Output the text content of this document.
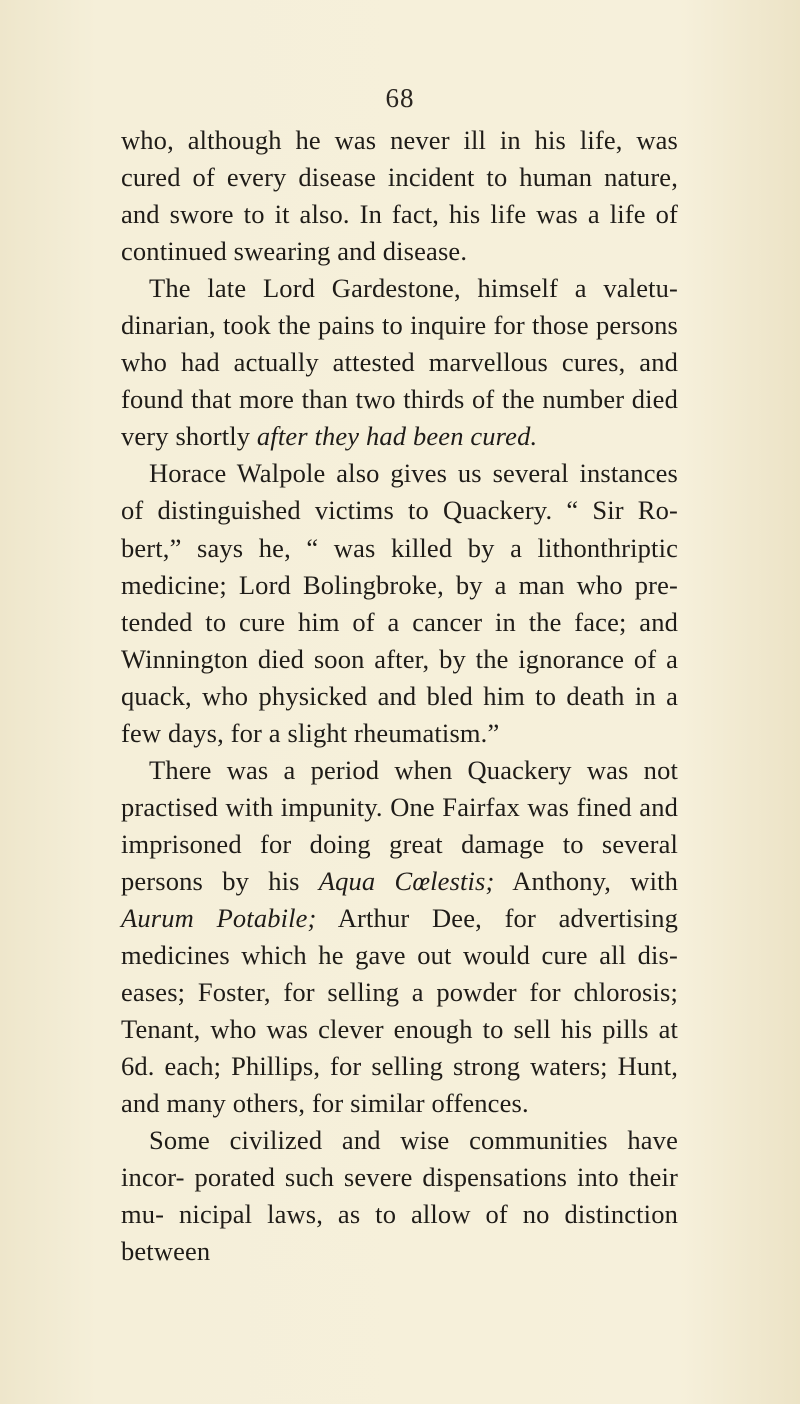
68

who, although he was never ill in his life, was cured of every disease incident to human nature, and swore to it also. In fact, his life was a life of continued swearing and disease.

The late Lord Gardestone, himself a valetu- dinarian, took the pains to inquire for those persons who had actually attested marvellous cures, and found that more than two thirds of the number died very shortly after they had been cured.

Horace Walpole also gives us several instances of distinguished victims to Quackery. “ Sir Ro- bert,” says he, “ was killed by a lithonthriptic medicine; Lord Bolingbroke, by a man who pre- tended to cure him of a cancer in the face; and Winnington died soon after, by the ignorance of a quack, who physicked and bled him to death in a few days, for a slight rheumatism.”

There was a period when Quackery was not practised with impunity. One Fairfax was fined and imprisoned for doing great damage to several persons by his Aqua Cœlestis; Anthony, with Aurum Potabile; Arthur Dee, for advertising medicines which he gave out would cure all dis- eases; Foster, for selling a powder for chlorosis; Tenant, who was clever enough to sell his pills at 6d. each; Phillips, for selling strong waters; Hunt, and many others, for similar offences.

Some civilized and wise communities have incor- porated such severe dispensations into their mu- nicipal laws, as to allow of no distinction between
